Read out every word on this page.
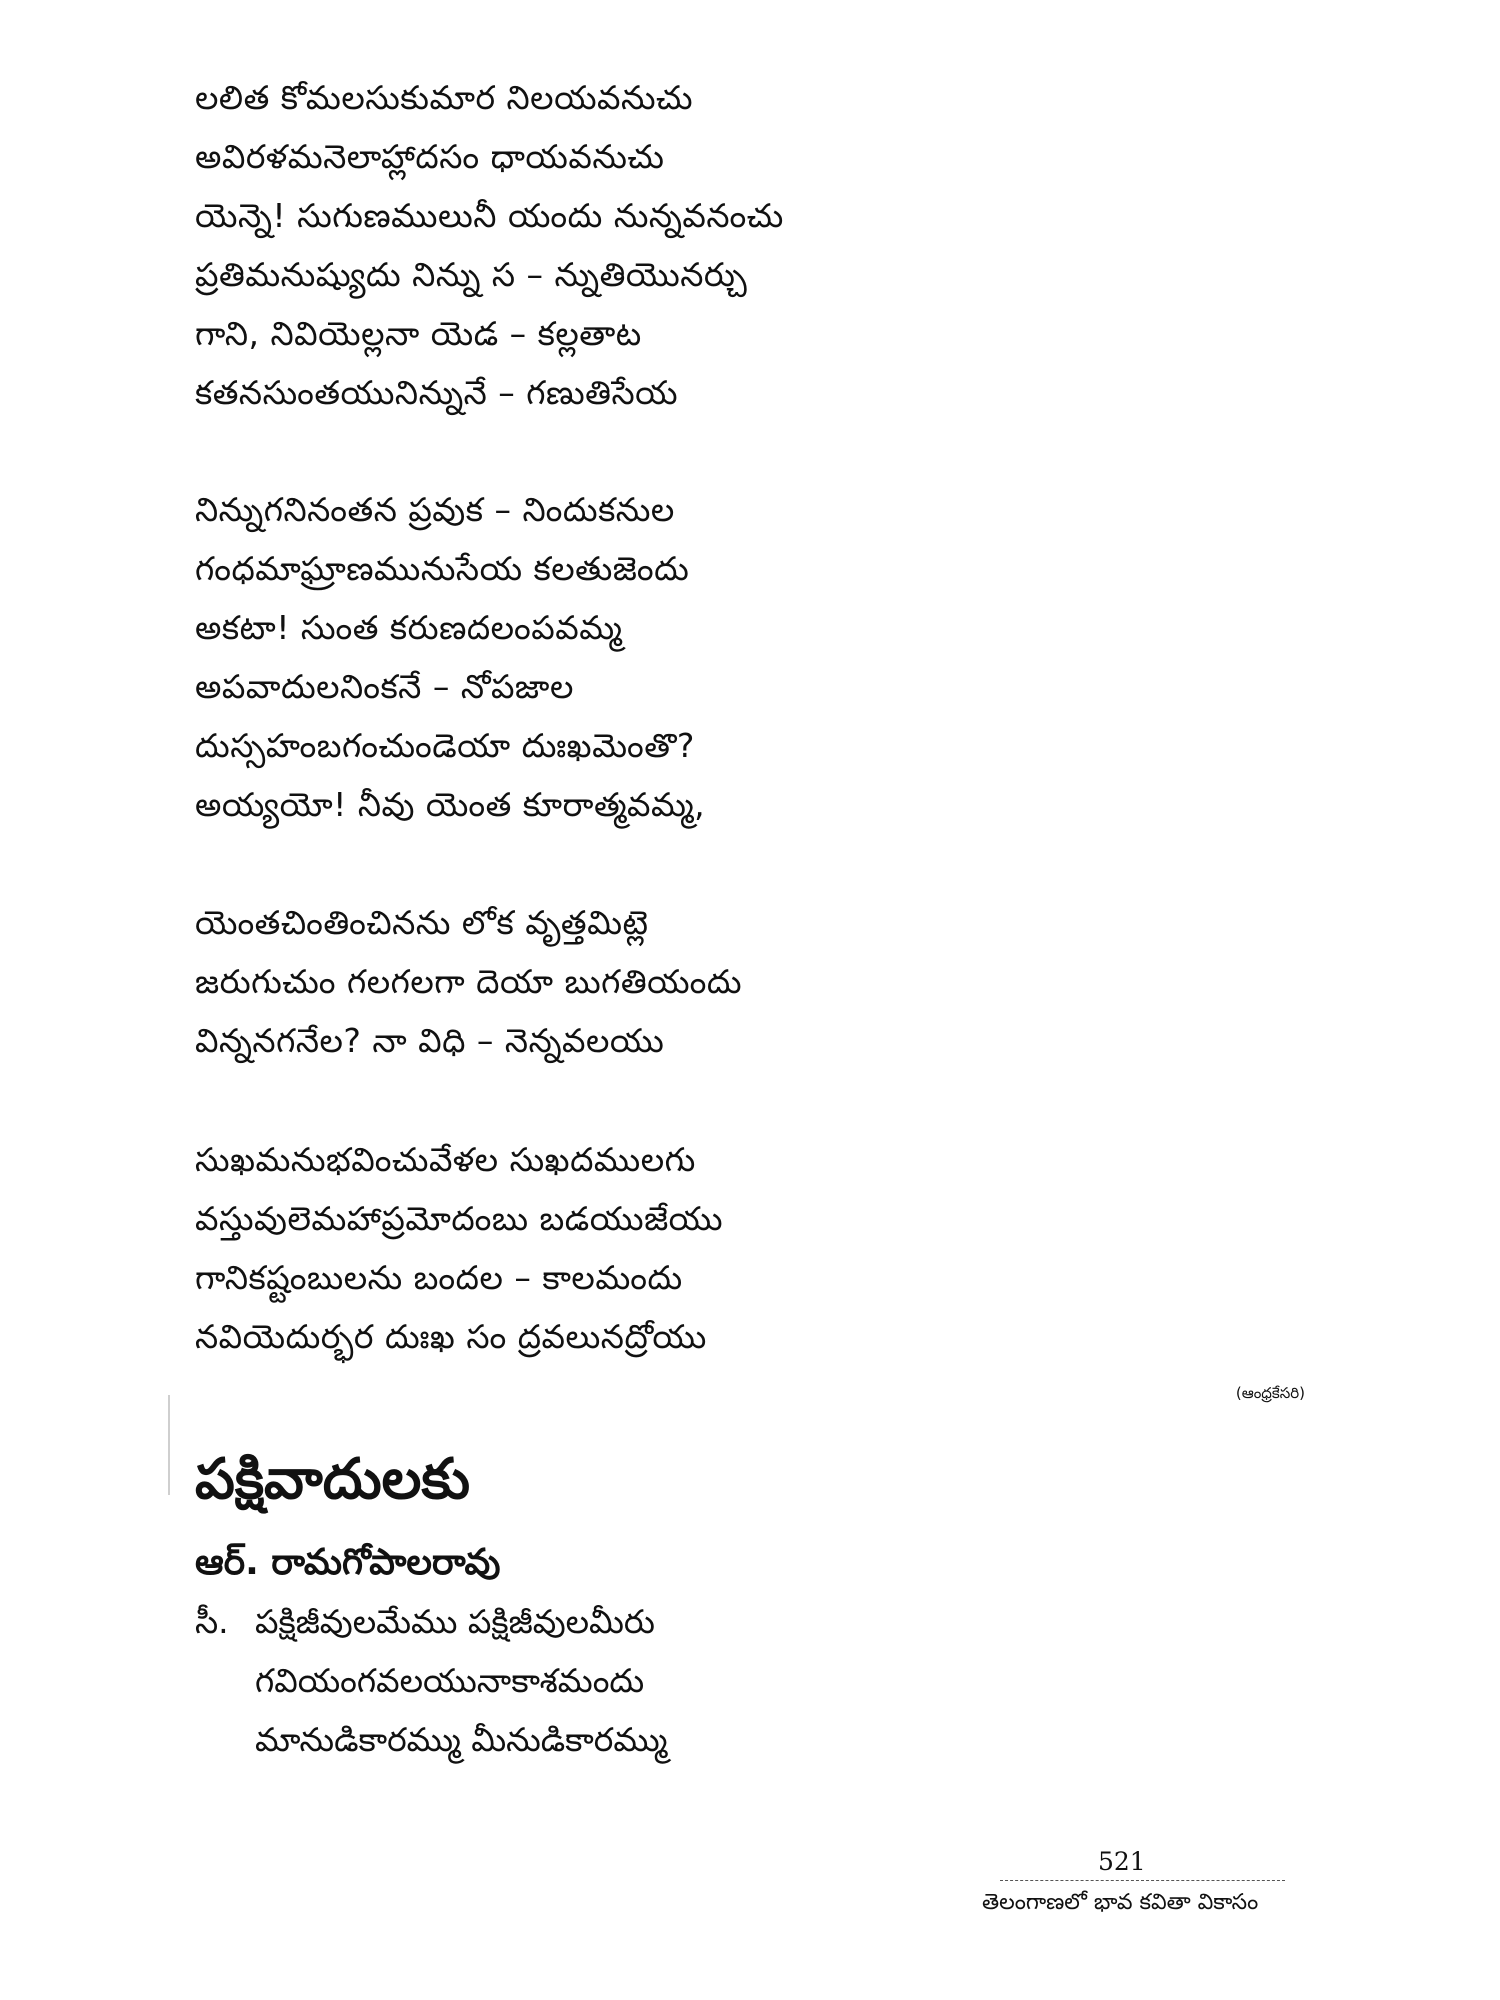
లలిత కోమలసుకుమార నిలయవనుచు
అవిరళమనెలాహ్లాదసం ధాయవనుచు
యెన్నె! సుగుణములునీ యందు నున్నవనంచు
ప్రతిమనుష్యుదు నిన్ను స – న్నుతియొనర్చు
గాని, నివియెల్లనా యెడ – కల్లతాట
కతనసుంతయునిన్నునే – గణుతిసేయ
నిన్నుగనినంతన ప్రవుక – నిందుకనుల
గంధమాఘ్రాణమునుసేయ కలతుజెందు
అకటా! సుంత కరుణదలంపవమ్మ
అపవాదులనింకనే – నోపజాల
దుస్సహంబగంచుండెయా దుఃఖమెంతొ?
అయ్యయో! నీవు యెంత కూరాత్మవమ్మ,
యెంతచింతించినను లోక వృత్తమిట్లె
జరుగుచుం గలగలగా దెయా బుగతియందు
విన్ననగనేల? నా విధి – నెన్నవలయు
సుఖమనుభవించువేళల సుఖదములగు
వస్తువులెమహాప్రమోదంబు బడయుజేయు
గానికష్టంబులను బందల – కాలమందు
నవియెదుర్భర దుఃఖ సం ద్రవలునద్రోయు
(ఆంధ్రకేసరి)
పక్షివాదులకు
ఆర్. రామగోపాలరావు
సీ. పక్షిజీవులమేము పక్షిజీవులమీరు
గవియంగవలయునాకాశమందు
మానుడికారమ్ము మీనుడికారమ్ము
521
తెలంగాణలో భావ కవితా వికాసం
